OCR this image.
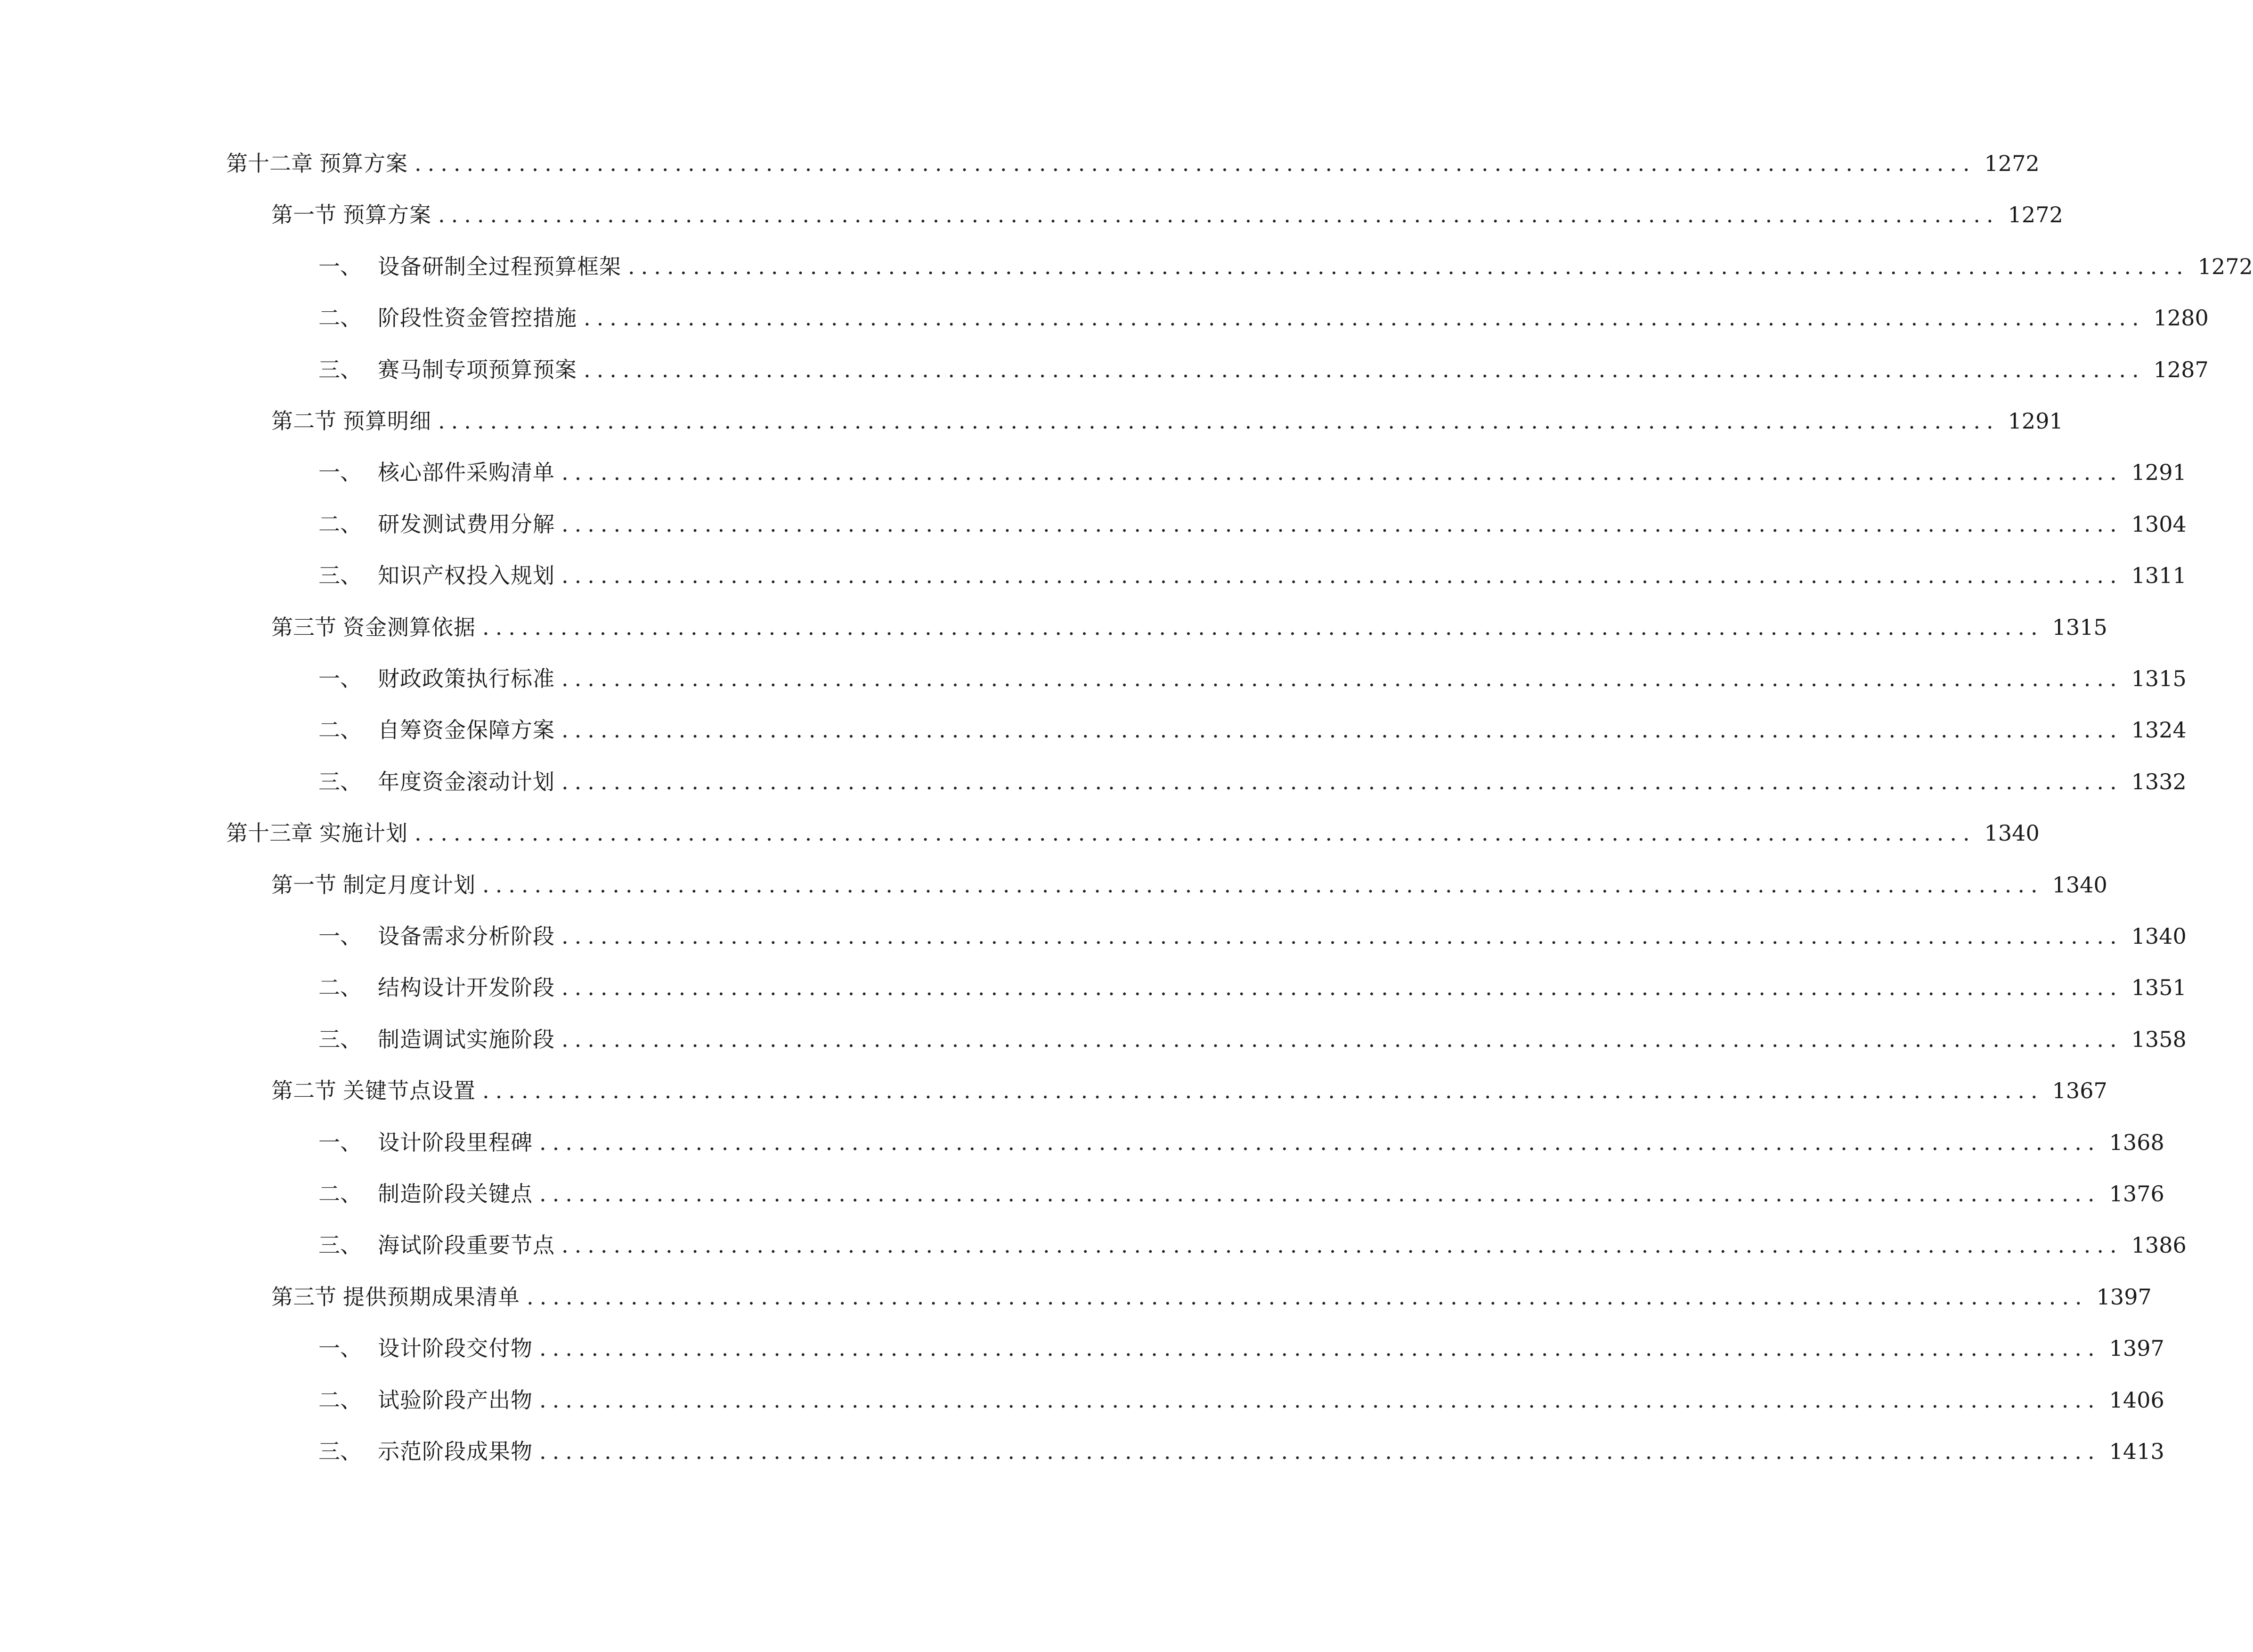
第十二章 预算方案 ........................................................................................................................ 1272
第一节 预算方案 ........................................................................................................................ 1272
一、 设备研制全过程预算框架 ........................................................................................................................ 1272
二、 阶段性资金管控措施 ........................................................................................................................ 1280
三、 赛马制专项预算预案 ........................................................................................................................ 1287
第二节 预算明细 ........................................................................................................................ 1291
一、 核心部件采购清单 ........................................................................................................................ 1291
二、 研发测试费用分解 ........................................................................................................................ 1304
三、 知识产权投入规划 ........................................................................................................................ 1311
第三节 资金测算依据 ........................................................................................................................ 1315
一、 财政政策执行标准 ........................................................................................................................ 1315
二、 自筹资金保障方案 ........................................................................................................................ 1324
三、 年度资金滚动计划 ........................................................................................................................ 1332
第十三章 实施计划 ........................................................................................................................ 1340
第一节 制定月度计划 ........................................................................................................................ 1340
一、 设备需求分析阶段 ........................................................................................................................ 1340
二、 结构设计开发阶段 ........................................................................................................................ 1351
三、 制造调试实施阶段 ........................................................................................................................ 1358
第二节 关键节点设置 ........................................................................................................................ 1367
一、 设计阶段里程碑 ........................................................................................................................ 1368
二、 制造阶段关键点 ........................................................................................................................ 1376
三、 海试阶段重要节点 ........................................................................................................................ 1386
第三节 提供预期成果清单 ........................................................................................................................ 1397
一、 设计阶段交付物 ........................................................................................................................ 1397
二、 试验阶段产出物 ........................................................................................................................ 1406
三、 示范阶段成果物 ........................................................................................................................ 1413
